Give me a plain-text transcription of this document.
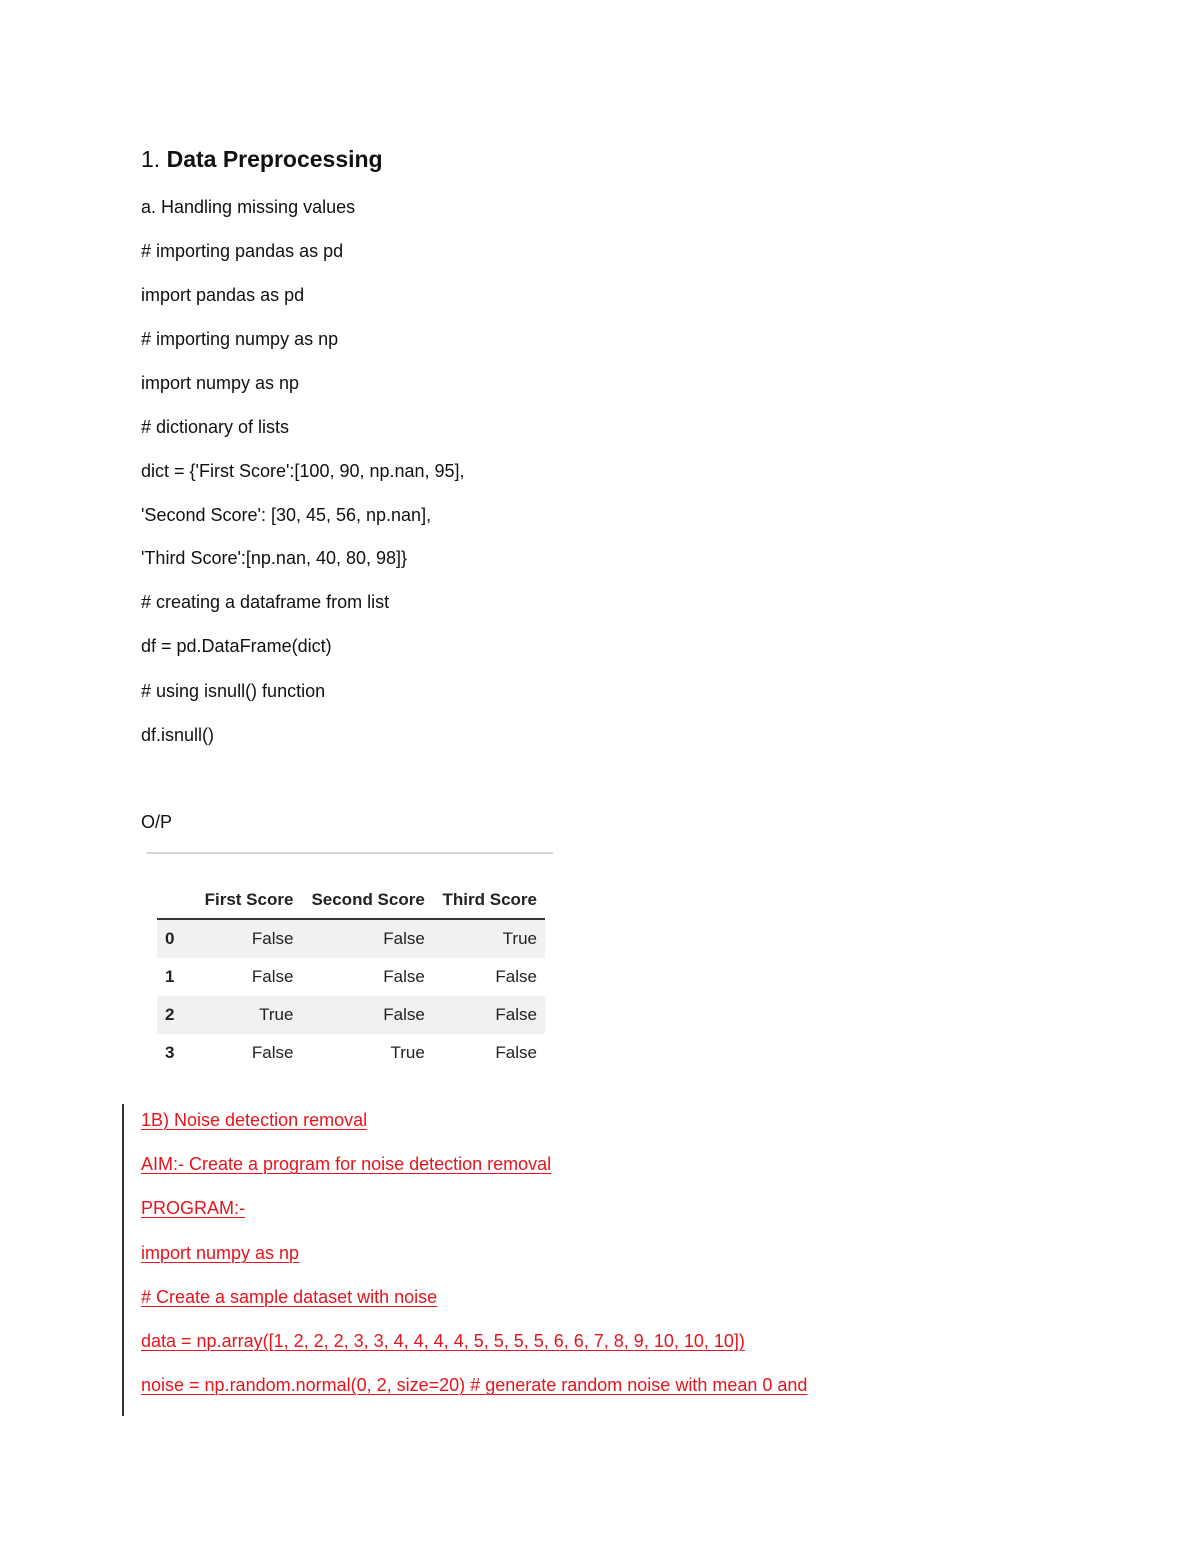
1. Data Preprocessing
a. Handling missing values
# importing pandas as pd
import pandas as pd
# importing numpy as np
import numpy as np
# dictionary of lists
dict = {'First Score':[100, 90, np.nan, 95],
'Second Score': [30, 45, 56, np.nan],
'Third Score':[np.nan, 40, 80, 98]}
# creating a dataframe from list
df = pd.DataFrame(dict)
# using isnull() function
df.isnull()
O/P
	First Score	Second Score	Third Score
0	False	False	True
1	False	False	False
2	True	False	False
3	False	True	False
1B) Noise detection removal
AIM:- Create a program for noise detection removal
PROGRAM:-
import numpy as np
# Create a sample dataset with noise
data = np.array([1, 2, 2, 2, 3, 3, 4, 4, 4, 4, 5, 5, 5, 5, 6, 6, 7, 8, 9, 10, 10, 10])
noise = np.random.normal(0, 2, size=20) # generate random noise with mean 0 and
